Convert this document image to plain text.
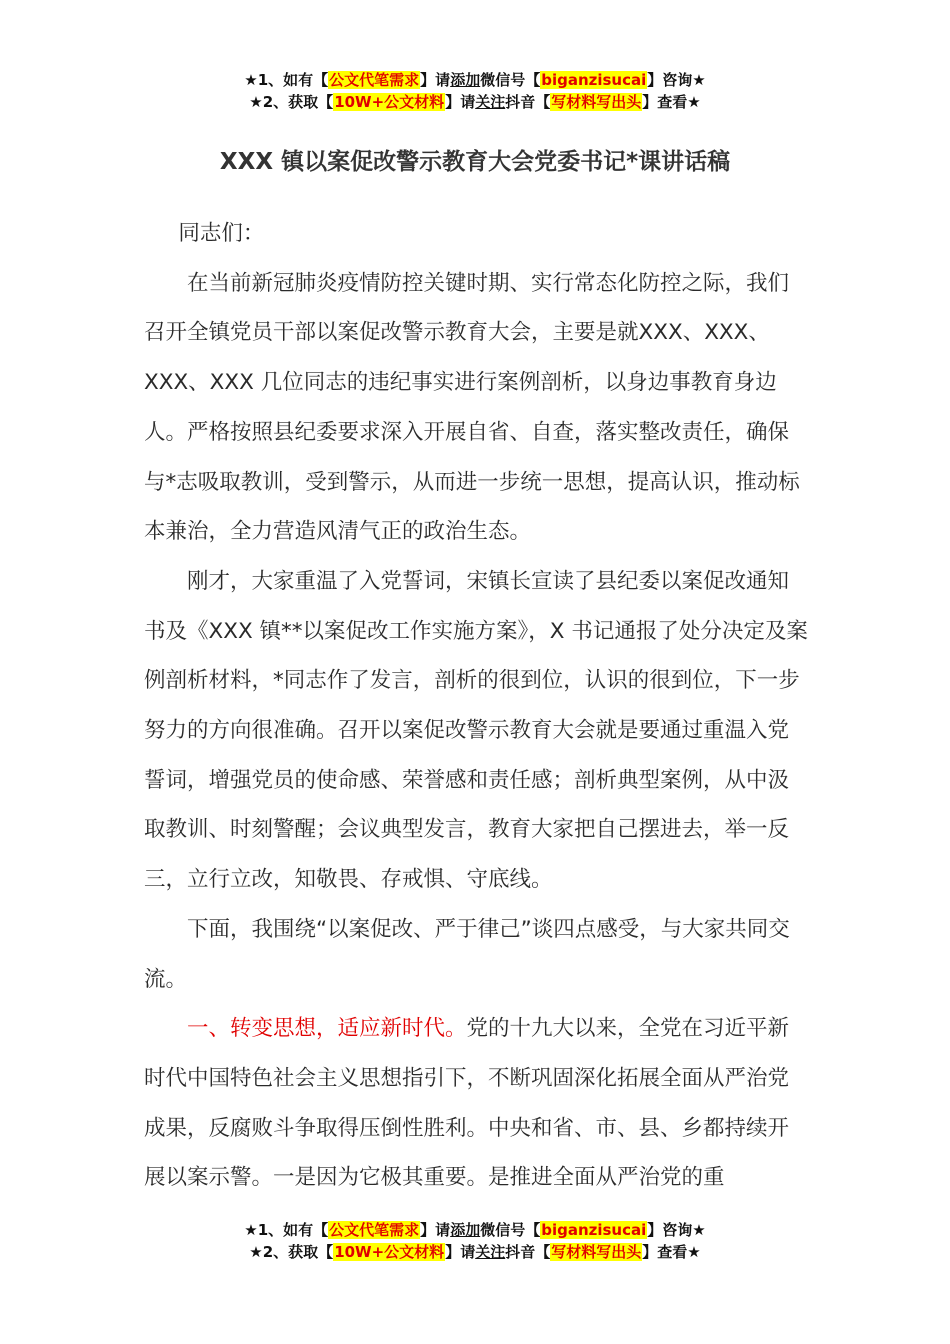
★1、如有【公文代笔需求】请添加微信号【biganzisucai】咨询★
★2、获取【10W+公文材料】请关注抖音【写材料写出头】查看★
XXX 镇以案促改警示教育大会党委书记*课讲话稿

同志们：

在当前新冠肺炎疫情防控关键时期、实行常态化防控之际，我们召开全镇党员干部以案促改警示教育大会，主要是就XXX、XXX、XXX、XXX 几位同志的违纪事实进行案例剖析，以身边事教育身边人。严格按照县纪委要求深入开展自省、自查，落实整改责任，确保与*志吸取教训，受到警示，从而进一步统一思想，提高认识，推动标本兼治，全力营造风清气正的政治生态。

刚才，大家重温了入党誓词，宋镇长宣读了县纪委以案促改通知书及《XXX 镇**以案促改工作实施方案》，X 书记通报了处分决定及案例剖析材料，*同志作了发言，剖析的很到位，认识的很到位，下一步努力的方向很准确。召开以案促改警示教育大会就是要通过重温入党誓词，增强党员的使命感、荣誉感和责任感；剖析典型案例，从中汲取教训、时刻警醒；会议典型发言，教育大家把自己摆进去，举一反三，立行立改，知敬畏、存戒惧、守底线。

下面，我围绕“以案促改、严于律己”谈四点感受，与大家共同交流。

一、转变思想，适应新时代。党的十九大以来，全党在习近平新时代中国特色社会主义思想指引下，不断巩固深化拓展全面从严治党成果，反腐败斗争取得压倒性胜利。中央和省、市、县、乡都持续开展以案示警。一是因为它极其重要。是推进全面从严治党的重

★1、如有【公文代笔需求】请添加微信号【biganzisucai】咨询★
★2、获取【10W+公文材料】请关注抖音【写材料写出头】查看★
